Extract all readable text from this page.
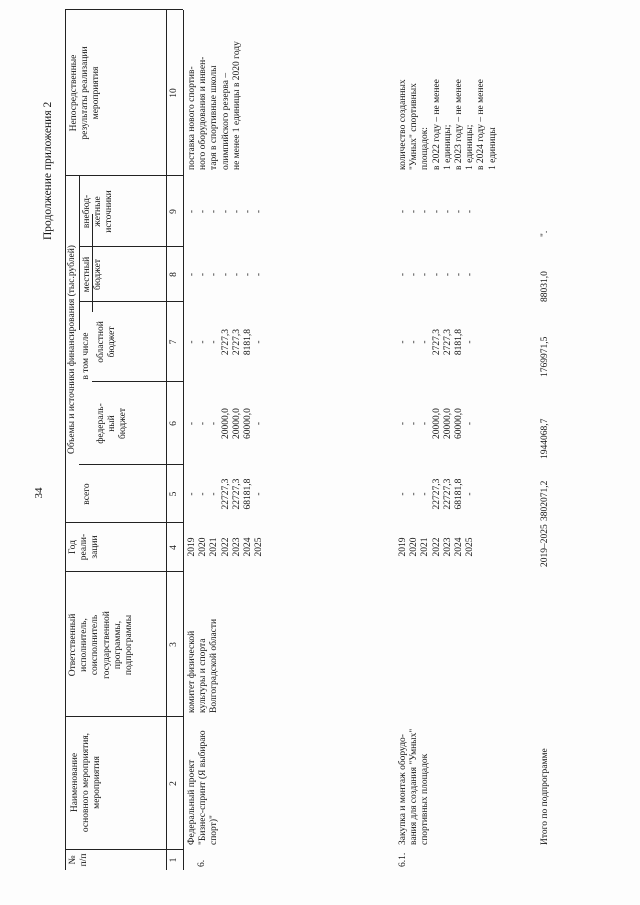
34
Продолжение приложения 2
№
п/п
Наименование
основного мероприятия,
мероприятия
Ответственный
исполнитель,
соисполнитель
государственной
программы,
подпрограммы
Год
реали-
зации
Объемы и источники финансирования (тыс.рублей)
всего
в том числе
федераль-
ный
бюджет
областной
бюджет
местный
бюджет
внебюд-
жетные
источники
Непосредственные
результаты реализации
мероприятия
1
2
3
4
5
6
7
8
9
10
6.
Федеральный проект
"Бизнес-спринт (Я выбираю
спорт)"
комитет физической
культуры и спорта
Волгоградской области
2019
2020
2021
2022
2023
2024
2025
-
-
-
22727,3
22727,3
68181,8
-
-
-
-
20000,0
20000,0
60000,0
-
-
-
-
2727,3
2727,3
8181,8
-
-
-
-
-
-
-
-
-
-
-
-
-
-
-
поставка нового спортив-
ного оборудования и инвен-
таря в спортивные школы
олимпийского резерва –
не менее 1 единицы в 2020 году
6.1.
Закупка и монтаж оборудо-
вания для создания "Умных"
спортивных площадок
2019
2020
2021
2022
2023
2024
2025
-
-
-
22727,3
22727,3
68181,8
-
-
-
-
20000,0
20000,0
60000,0
-
-
-
-
2727,3
2727,3
8181,8
-
-
-
-
-
-
-
-
-
-
-
-
-
-
-
количество созданных
"Умных" спортивных
площадок:
в 2022 году – не менее
1 единицы;
в 2023 году – не менее
1 единицы;
в 2024 году – не менее
1 единицы
Итого по подпрограмме
2019–2025
3802071,2
1944068,7
1769971,5
88031,0
".
